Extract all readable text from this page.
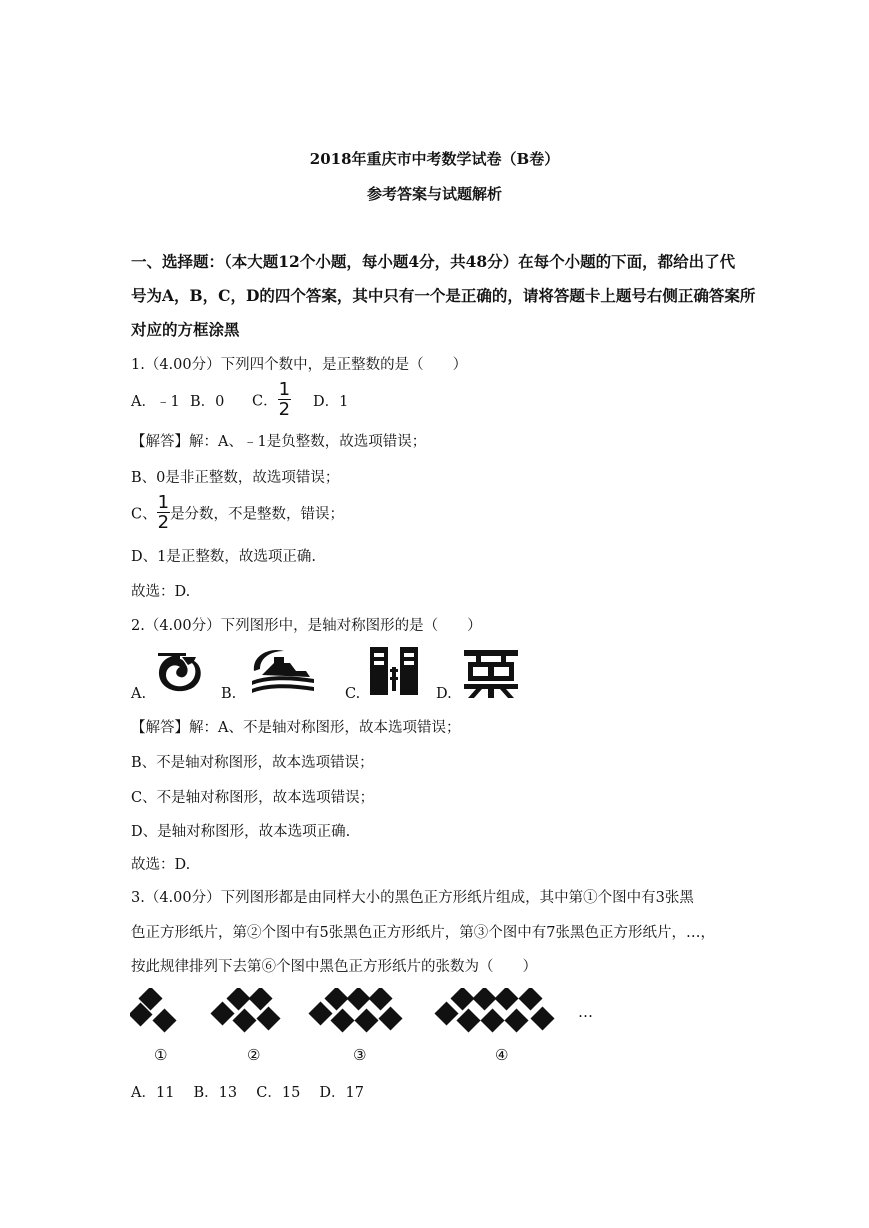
2018年重庆市中考数学试卷（B卷）
参考答案与试题解析
一、选择题：（本大题12个小题，每小题4分，共48分）在每个小题的下面，都给出了代
号为A，B，C，D的四个答案，其中只有一个是正确的，请将答题卡上题号右侧正确答案所
对应的方框涂黑
1.（4.00分）下列四个数中，是正整数的是（　　）
A．﹣1 B．0 C． $\frac{1}{2}$ D．1
【解答】解：A、﹣1是负整数，故选项错误；
B、0是非正整数，故选项错误；
C、 $\frac{1}{2}$ 是分数，不是整数，错误；
D、1是正整数，故选项正确.
故选：D.
2.（4.00分）下列图形中，是轴对称图形的是（　　）
A.	B.	C.	D.
【解答】解：A、不是轴对称图形，故本选项错误；
B、不是轴对称图形，故本选项错误；
C、不是轴对称图形，故本选项错误；
D、是轴对称图形，故本选项正确.
故选：D.
3.（4.00分）下列图形都是由同样大小的黑色正方形纸片组成，其中第①个图中有3张黑
色正方形纸片，第②个图中有5张黑色正方形纸片，第③个图中有7张黑色正方形纸片，…，
按此规律排列下去第⑥个图中黑色正方形纸片的张数为（　　）
…
①	②	③	④
A．11　 B．13　 C．15　 D．17
